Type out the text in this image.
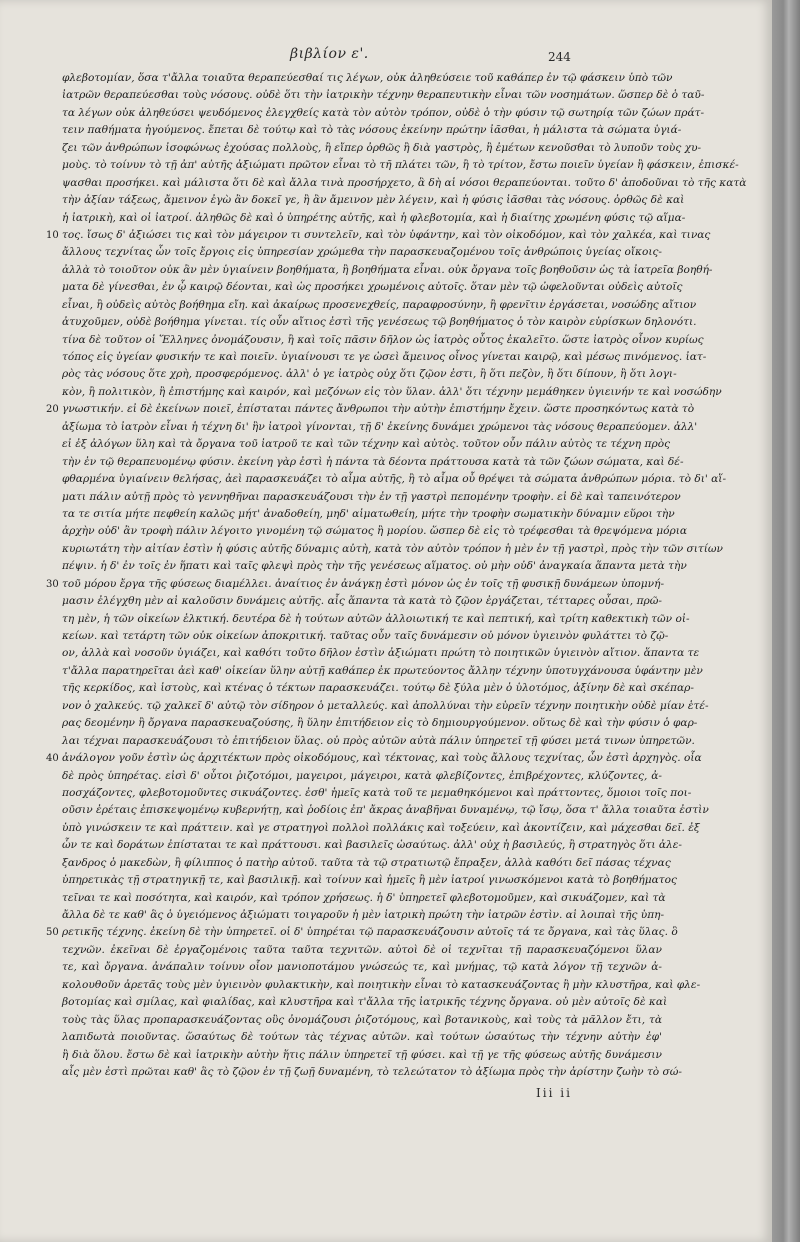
βιβλίον ε'.	244
φλεβοτομίαν, ὅσα τ'ἄλλα τοιαῦτα θεραπεύεσθαί τις λέγων, οὐκ ἀληθεύσειε τοῦ καθάπερ ἐν τῷ φάσκειν ὑπὸ τῶν
ἰατρῶν θεραπεύεσθαι τοὺς νόσους. οὐδὲ ὅτι τὴν ἰατρικὴν τέχνην θεραπευτικὴν εἶναι τῶν νοσημάτων. ὥσπερ δὲ ὁ ταῦ-
τα λέγων οὐκ ἀληθεύσει ψευδόμενος ἐλεγχθείς κατὰ τὸν αὐτὸν τρόπον, οὐδὲ ὁ τὴν φύσιν τῷ σωτηρίᾳ τῶν ζώων πράτ-
τειν παθήματα ἡγούμενος. ἔπεται δὲ τούτῳ καὶ τὸ τὰς νόσους ἐκείνην πρώτην ἰᾶσθαι, ἡ μάλιστα τὰ σώματα ὑγιά-
ζει τῶν ἀνθρώπων ἰσοφώνως ἐχούσας πολλοὺς, ἢ εἴπερ ὀρθῶς ἢ διὰ γαστρὸς, ἢ ἐμέτων κενοῦσθαι τὸ λυποῦν τοὺς χυ-
μοὺς. τὸ τοίνυν τὸ τῇ ἀπ' αὐτῆς ἀξιώματι πρῶτον εἶναι τὸ τῆ πλάτει τῶν, ἢ τὸ τρίτον, ἔστω ποιεῖν ὑγείαν ἢ φάσκειν, ἐπισκέ-
ψασθαι προσήκει. καὶ μάλιστα ὅτι δὲ καὶ ἄλλα τινὰ προσήρχετο, ἃ δὴ αἱ νόσοι θεραπεύονται. τοῦτο δ' ἀποδοῦναι τὸ τῆς κατὰ
τὴν ἀξίαν τάξεως, ἄμεινον ἐγὼ ἂν δοκεῖ γε, ἢ ἂν ἄμεινον μὲν λέγειν, καὶ ἡ φύσις ἰᾶσθαι τὰς νόσους. ὀρθῶς δὲ καὶ
ἡ ἰατρικὴ, καὶ οἱ ἰατροί. ἀληθῶς δὲ καὶ ὁ ὑπηρέτης αὐτῆς, καὶ ἡ φλεβοτομία, καὶ ἡ διαίτης χρωμένη φύσις τῷ αἵμα-
τος. ἴσως δ' ἀξιώσει τις καὶ τὸν μάγειρον τι συντελεῖν, καὶ τὸν ὑφάντην, καὶ τὸν οἰκοδόμον, καὶ τὸν χαλκέα, καὶ τινας
10
ἄλλους τεχνίτας ὧν τοῖς ἔργοις εἰς ὑπηρεσίαν χρώμεθα τὴν παρασκευαζομένου τοῖς ἀνθρώποις ὑγείας οἴκοις-
ἀλλὰ τὸ τοιοῦτον οὐκ ἂν μὲν ὑγιαίνειν βοηθήματα, ἢ βοηθήματα εἶναι. οὐκ ὄργανα τοῖς βοηθοῦσιν ὡς τὰ ἰατρεῖα βοηθή-
ματα δὲ γίνεσθαι, ἐν ᾧ καιρῷ δέονται, καὶ ὡς προσήκει χρωμένοις αὐτοῖς. ὅταν μὲν τῷ ὠφελοῦνται οὐδεὶς αὐτοῖς
εἶναι, ἢ οὐδεὶς αὐτὸς βοήθημα εἴη. καὶ ἀκαίρως προσενεχθείς, παραφροσύνην, ἢ φρενῖτιν ἐργάσεται, νοσώδης αἴτιον
ἀτυχοῦμεν, οὐδὲ βοήθημα γίνεται. τίς οὖν αἴτιος ἐστὶ τῆς γενέσεως τῷ βοηθήματος ὁ τὸν καιρὸν εὑρίσκων δηλονότι.
τίνα δὲ τοῦτον οἱ Ἕλληνες ὀνομάζουσιν, ἢ καὶ τοῖς πᾶσιν δῆλον ὡς ἰατρὸς οὗτος ἐκαλεῖτο. ὥστε ἰατρὸς οἶνον κυρίως
τόπος εἰς ὑγείαν φυσικήν τε καὶ ποιεῖν. ὑγιαίνουσι τε γε ὡσεὶ ἄμεινος οἶνος γίνεται καιρῷ, καὶ μέσως πινόμενος. ἰατ-
ρὸς τὰς νόσους ὅτε χρὴ, προσφερόμενος. ἀλλ' ὁ γε ἰατρὸς οὐχ ὅτι ζῷον ἐστι, ἢ ὅτι πεζὸν, ἢ ὅτι δίπουν, ἢ ὅτι λογι-
κὸν, ἢ πολιτικὸν, ἢ ἐπιστήμης καὶ καιρόν, καὶ μεζόνων εἰς τὸν ὕλαν. ἀλλ' ὅτι τέχνην μεμάθηκεν ὑγιεινήν τε καὶ νοσώδην
γνωστικήν. εἰ δὲ ἐκείνων ποιεῖ, ἐπίσταται πάντες ἄνθρωποι τὴν αὐτὴν ἐπιστήμην ἔχειν. ὥστε προσηκόντως κατὰ τὸ
20
ἀξίωμα τὸ ἰατρὸν εἶναι ἡ τέχνη δι' ἣν ἰατροὶ γίνονται, τῇ δ' ἐκείνης δυνάμει χρώμενοι τὰς νόσους θεραπεύομεν. ἀλλ'
εἰ ἐξ ἀλόγων ὕλη καὶ τὰ ὄργανα τοῦ ἰατροῦ τε καὶ τῶν τέχνην καὶ αὐτὸς. τοῦτον οὖν πάλιν αὐτὸς τε τέχνη πρὸς
τὴν ἐν τῷ θεραπευομένῳ φύσιν. ἐκείνη γὰρ ἐστὶ ἡ πάντα τὰ δέοντα πράττουσα κατὰ τὰ τῶν ζώων σώματα, καὶ δέ-
φθαρμένα ὑγιαίνειν θελήσας, ἀεὶ παρασκευάζει τὸ αἷμα αὐτῆς, ἢ τὸ αἷμα οὗ θρέψει τὰ σώματα ἀνθρώπων μόρια. τὸ δι' αἵ-
ματι πάλιν αὐτῇ πρὸς τὸ γεννηθῆναι παρασκευάζουσι τὴν ἐν τῇ γαστρὶ πεπομένην τροφὴν. εἰ δὲ καὶ ταπεινότερον
τα τε σιτία μήτε πεφθείη καλῶς μήτ' ἀναδοθείη, μηδ' αἱματωθείη, μήτε τὴν τροφὴν σωματικὴν δύναμιν εὕροι τὴν
ἀρχὴν οὐδ' ἂν τροφὴ πάλιν λέγοιτο γινομένη τῷ σώματος ἢ μορίου. ὥσπερ δὲ εἰς τὸ τρέφεσθαι τὰ θρεψόμενα μόρια
κυριωτάτη τὴν αἰτίαν ἐστὶν ἡ φύσις αὐτῆς δύναμις αὐτὴ, κατὰ τὸν αὐτὸν τρόπον ἡ μὲν ἐν τῇ γαστρὶ, πρὸς τὴν τῶν σιτίων
πέψιν. ἡ δ' ἐν τοῖς ἐν ἥπατι καὶ ταῖς φλεψὶ πρὸς τὴν τῆς γενέσεως αἵματος. οὐ μὴν οὐδ' ἀναγκαία ἅπαντα μετὰ τὴν
τοῦ μόρου ἔργα τῆς φύσεως διαμέλλει. ἀναίτιος ἐν ἀνάγκῃ ἐστὶ μόνον ὡς ἐν τοῖς τῇ φυσικῇ δυνάμεων ὑπομνή-
30
μασιν ἐλέγχθη μὲν αἱ καλοῦσιν δυνάμεις αὐτῆς. αἷς ἅπαντα τὰ κατὰ τὸ ζῷον ἐργάζεται, τέτταρες οὖσαι, πρῶ-
τη μὲν, ἡ τῶν οἰκείων ἑλκτική. δευτέρα δὲ ἡ τούτων αὐτῶν ἀλλοιωτική τε καὶ πεπτική, καὶ τρίτη καθεκτικὴ τῶν οἰ-
κείων. καὶ τετάρτη τῶν οὐκ οἰκείων ἀποκριτική. ταῦτας οὖν ταῖς δυνάμεσιν οὐ μόνον ὑγιεινὸν φυλάττει τὸ ζῷ-
ον, ἀλλὰ καὶ νοσοῦν ὑγιάζει, καὶ καθότι τοῦτο δῆλον ἐστὶν ἀξιώματι πρώτη τὸ ποιητικῶν ὑγιεινὸν αἴτιον. ἅπαντα τε
τ'ἄλλα παρατηρεῖται ἀεὶ καθ' οἰκείαν ὕλην αὐτῇ καθάπερ ἐκ πρωτεύοντος ἄλλην τέχνην ὑποτυγχάνουσα ὑφάντην μὲν
τῆς κερκίδος, καὶ ἱστοὺς, καὶ κτένας ὁ τέκτων παρασκευάζει. τούτῳ δὲ ξύλα μὲν ὁ ὑλοτόμος, ἀξίνην δὲ καὶ σκέπαρ-
νον ὁ χαλκεύς. τῷ χαλκεῖ δ' αὐτῷ τὸν σίδηρον ὁ μεταλλεύς. καὶ ἀπολλύναι τὴν εὑρεῖν τέχνην ποιητικὴν οὐδὲ μίαν ἑτέ-
ρας δεομένην ἢ ὄργανα παρασκευαζούσης, ἢ ὕλην ἐπιτήδειον εἰς τὸ δημιουργούμενον. οὕτως δὲ καὶ τὴν φύσιν ὁ φαρ-
λαι τέχναι παρασκευάζουσι τὸ ἐπιτήδειον ὕλας. οὐ πρὸς αὐτῶν αὐτὰ πάλιν ὑπηρετεῖ τῇ φύσει μετά τινων ὑπηρετῶν.
ἀνάλογον γοῦν ἐστὶν ὡς ἀρχιτέκτων πρὸς οἰκοδόμους, καὶ τέκτονας, καὶ τοὺς ἄλλους τεχνίτας, ὧν ἐστὶ ἀρχηγὸς. οἷα
40
δὲ πρὸς ὑπηρέτας. εἰσὶ δ' οὗτοι ῥιζοτόμοι, μαγειροι, μάγειροι, κατὰ φλεβίζοντες, ἐπιβρέχοντες, κλύζοντες, ἀ-
ποσχάζοντες, φλεβοτομοῦντες σικυάζοντες. ἐσθ' ἡμεῖς κατὰ τοῦ τε μεμαθηκόμενοι καὶ πράττοντες, ὅμοιοι τοῖς ποι-
οῦσιν ἐρέταις ἐπισκεψομένῳ κυβερνήτῃ, καὶ ῥοδίοις ἐπ' ἄκρας ἀναβῆναι δυναμένῳ, τῷ ἴσῳ, ὅσα τ' ἄλλα τοιαῦτα ἐστὶν
ὑπὸ γινώσκειν τε καὶ πράττειν. καὶ γε στρατηγοὶ πολλοὶ πολλάκις καὶ τοξεύειν, καὶ ἀκοντίζειν, καὶ μάχεσθαι δεῖ. ἐξ
ὧν τε καὶ δοράτων ἐπίσταται τε καὶ πράττουσι. καὶ βασιλεῖς ὡσαύτως. ἀλλ' οὐχ ἡ βασιλεύς, ἢ στρατηγὸς ὅτι ἀλε-
ξανδρος ὁ μακεδὼν, ἢ φίλιππος ὁ πατὴρ αὐτοῦ. ταῦτα τὰ τῷ στρατιωτῷ ἔπραξεν, ἀλλὰ καθότι δεῖ πάσας τέχνας
ὑπηρετικὰς τῇ στρατηγικῇ τε, καὶ βασιλικῇ. καὶ τοίνυν καὶ ἡμεῖς ἢ μὲν ἰατροί γινωσκόμενοι κατὰ τὸ βοηθήματος
τεῖναι τε καὶ ποσότητα, καὶ καιρόν, καὶ τρόπον χρήσεως. ἡ δ' ὑπηρετεῖ φλεβοτομοῦμεν, καὶ σικυάζομεν, καὶ τὰ
ἄλλα δὲ τε καθ' ἃς ὁ ὑγειόμενος ἀξιώματι τοιγαροῦν ἡ μὲν ἰατρικὴ πρώτη τὴν ἰατρῶν ἐστὶν. αἱ λοιπαὶ τῆς ὑπη-
ρετικῆς τέχνης. ἐκείνη δὲ τὴν ὑπηρετεῖ. οἱ δ' ὑπηρέται τῷ παρασκευάζουσιν αὐτοῖς τά τε ὄργανα, καὶ τὰς ὕλας. ὃ
50
τεχνῶν. ἐκεῖναι δὲ ἐργαζομένοις ταῦτα ταῦτα τεχνιτῶν. αὐτοὶ δὲ οἱ τεχνῖται τῇ παρασκευαζόμενοι ὕλαν
τε, καὶ ὄργανα. ἀνάπαλιν τοίνυν οἷον μανιοποτάμου γνώσεώς τε, καὶ μνήμας, τῷ κατὰ λόγον τῇ τεχνῶν ἀ-
κολουθοῦν ἀρετᾶς τοὺς μὲν ὑγιεινὸν φυλακτικὴν, καὶ ποιητικὴν εἶναι τὸ κατασκευάζοντας ἢ μὴν κλυστῆρα, καὶ φλε-
βοτομίας καὶ σμίλας, καὶ φιαλίδας, καὶ κλυστῆρα καὶ τ'ἄλλα τῆς ἰατρικῆς τέχνης ὄργανα. οὐ μὲν αὐτοῖς δὲ καὶ
τοὺς τὰς ὕλας προπαρασκευάζοντας οὓς ὀνομάζουσι ῥιζοτόμους, καὶ βοτανικοὺς, καὶ τοὺς τὰ μᾶλλον ἔτι, τὰ
λαπιδωτὰ ποιοῦντας. ὥσαύτως δὲ τούτων τὰς τέχνας αὐτῶν. καὶ τούτων ὡσαύτως τὴν τέχνην αὐτὴν ἐφ'
ἢ διὰ ὅλου. ἔστω δὲ καὶ ἰατρικὴν αὐτὴν ἥτις πάλιν ὑπηρετεῖ τῇ φύσει. καὶ τῇ γε τῆς φύσεως αὐτῆς δυνάμεσιν
αἷς μὲν ἐστὶ πρῶται καθ' ἃς τὸ ζῷον ἐν τῇ ζωῇ δυναμένη, τὸ τελεώτατον τὸ ἀξίωμα πρὸς τὴν ἀρίστην ζωὴν τὸ σώ-
Iii ii
